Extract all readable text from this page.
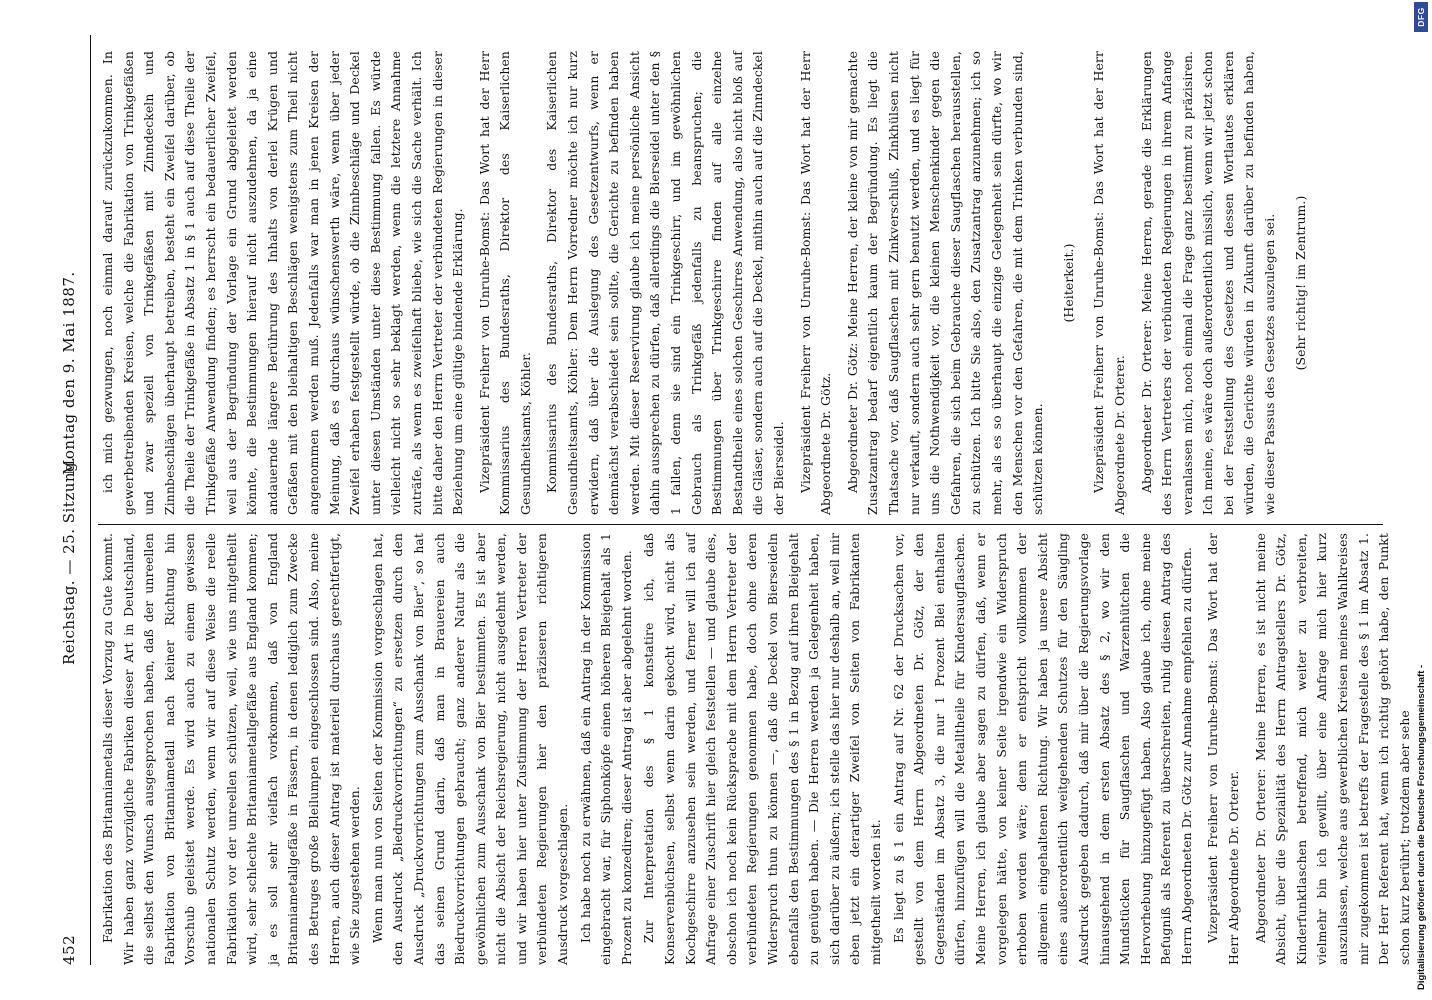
452
Reichstag. — 25. Sitzung.
Montag den 9. Mai 1887.

Fabrikation des Britanniametalls dieser Vorzug zu Gute kommt. Wir haben ganz vorzügliche Fabriken dieser Art in Deutschland, die selbst den Wunsch ausgesprochen haben, daß der unreellen Fabrikation von Britanniametall nach keiner Richtung hin Vorschub geleistet werde. Es wird auch zu einem gewissen nationalen Schutz werden, wenn wir auf diese Weise die reelle Fabrikation vor der unreellen schützen, weil, wie uns mitgetheilt wird, sehr schlechte Britanniametallgefäße aus England kommen; ja es soll sehr vielfach vorkommen, daß von England Britanniametallgefäße in Fässern, in denen lediglich zum Zwecke des Betruges große Bleilumpen eingeschlossen sind. Also, meine Herren, auch dieser Antrag ist materiell durchaus gerechtfertigt, wie Sie zugestehen werden. Wenn man nun von Seiten der Kommission vorgeschlagen hat, den Ausdruck „Biedruckvorrichtungen“ zu ersetzen durch den Ausdruck „Druckvorrichtungen zum Ausschank von Bier“, so hat das seinen Grund darin, daß man in Brauereien auch Biedruckvorrichtungen gebraucht; ganz anderer Natur als die gewöhnlichen zum Ausschank von Bier bestimmten. Es ist aber nicht die Absicht der Reichsregierung, nicht ausgedehnt werden, und wir haben hier unter Zustimmung der Herren Vertreter der verbündeten Regierungen hier den präziseren richtigeren Ausdruck vorgeschlagen. Ich habe noch zu erwähnen, daß ein Antrag in der Kommission eingebracht war, für Siphonköpfe einen höheren Bleigehalt als 1 Prozent zu konzediren; dieser Antrag ist aber abgelehnt worden. Zur Interpretation des § 1 konstatire ich, daß Konservenbüchsen, selbst wenn darin gekocht wird, nicht als Kochgeschirre anzusehen sein werden, und ferner will ich auf Anfrage einer Zuschrift hier gleich feststellen — und glaube dies, obschon ich noch kein Rücksprache mit dem Herrn Vertreter der verbündeten Regierungen genommen habe, doch ohne deren Widerspruch thun zu können —, daß die Deckel von Bierseideln ebenfalls den Bestimmungen des § 1 in Bezug auf ihren Bleigehalt zu genügen haben. — Die Herren werden ja Gelegenheit haben, sich darüber zu äußern; ich stelle das hier nur deshalb an, weil mir eben jetzt ein derartiger Zweifel von Seiten von Fabrikanten mitgetheilt worden ist. Es liegt zu § 1 ein Antrag auf Nr. 62 der Drucksachen vor, gestellt von dem Herrn Abgeordneten Dr. Götz, der den Gegenständen im Absatz 3, die nur 1 Prozent Blei enthalten dürfen, hinzufügen will die Metalltheile für Kindersaugflaschen. Meine Herren, ich glaube aber sagen zu dürfen, daß, wenn er vorgelegen hätte, von keiner Seite irgendwie ein Widerspruch erhoben worden wäre; denn er entspricht vollkommen der allgemein eingehaltenen Richtung. Wir haben ja unsere Absicht eines außerordentlich weitgehenden Schutzes für den Säugling Ausdruck gegeben dadurch, daß mir über die Regierungsvorlage hinausgehend in dem ersten Absatz des § 2, wo wir den Mundstücken für Saugflaschen und Warzenhütchen die Hervorhebung hinzugefügt haben. Also glaube ich, ohne meine Befugniß als Referent zu überschreiten, ruhig diesen Antrag des Herrn Abgeordneten Dr. Götz zur Annahme empfehlen zu dürfen. Vizepräsident Freiherr von Unruhe-Bomst: Das Wort hat der Herr Abgeordnete Dr. Orterer. Abgeordneter Dr. Orterer: Meine Herren, es ist nicht meine Absicht, über die Spezialität des Herrn Antragstellers Dr. Götz, Kinderfunktlaschen betreffend, mich weiter zu verbreiten, vielmehr bin ich gewillt, über eine Anfrage mich hier kurz auszulassen, welche aus gewerblichen Kreisen meines Wahlkreises mir zugekommen ist betreffs der Fragestelle des § 1 im Absatz 1. Der Herr Referent hat, wenn ich richtig gehört habe, den Punkt schon kurz berührt; trotzdem aber sehe

ich mich gezwungen, noch einmal darauf zurückzukommen. In gewerbetreibenden Kreisen, welche die Fabrikation von Trinkgefäßen und zwar speziell von Trinkgefäßen mit Zinndeckeln und Zinnbeschlägen überhaupt betreiben, besteht ein Zweifel darüber, ob die Theile der Trinkgefäße in Absatz 1 in § 1 auch auf diese Theile der Trinkgefäße Anwendung finden; es herrscht ein bedauerlicher Zweifel, weil aus der Begründung der Vorlage ein Grund abgeleitet werden könnte, die Bestimmungen hierauf nicht auszudehnen, da ja eine andauernde längere Berührung des Inhalts von derlei Krügen und Gefäßen mit den bleihaltigen Beschlägen wenigstens zum Theil nicht angenommen werden muß. Jedenfalls war man in jenen Kreisen der Meinung, daß es durchaus wünschenswerth wäre, wenn über jeder Zweifel erhaben festgestellt würde, ob die Zinnbeschläge und Deckel unter diesen Umständen unter diese Bestimmung fallen. Es würde vielleicht nicht so sehr beklagt werden, wenn die letztere Annahme zuträfe, als wenn es zweifelhaft bliebe, wie sich die Sache verhält. Ich bitte daher den Herrn Vertreter der verbündeten Regierungen in dieser Beziehung um eine gültige bindende Erklärung. Vizepräsident Freiherr von Unruhe-Bomst: Das Wort hat der Herr Kommissarius des Bundesraths, Direktor des Kaiserlichen Gesundheitsamts, Köhler. Kommissarius des Bundesraths, Direktor des Kaiserlichen Gesundheitsamts, Köhler: Dem Herrn Vorredner möchte ich nur kurz erwidern, daß über die Auslegung des Gesetzentwurfs, wenn er demnächst verabschiedet sein sollte, die Gerichte zu befinden haben werden. Mit dieser Reservirung glaube ich meine persönliche Ansicht dahin aussprechen zu dürfen, daß allerdings die Bierseidel unter den § 1 fallen, denn sie sind ein Trinkgeschirr, und im gewöhnlichen Gebrauch als Trinkgefäß jedenfalls zu beanspruchen; die Bestimmungen über Trinkgeschirre finden auf alle einzelne Bestandtheile eines solchen Geschirres Anwendung, also nicht bloß auf die Gläser, sondern auch auf die Deckel, mithin auch auf die Zinndeckel der Bierseidel. Vizepräsident Freiherr von Unruhe-Bomst: Das Wort hat der Herr Abgeordnete Dr. Götz. Abgeordneter Dr. Götz: Meine Herren, der kleine von mir gemachte Zusatzantrag bedarf eigentlich kaum der Begründung. Es liegt die Thatsache vor, daß Saugflaschen mit Zinkverschluß, Zinkhülsen nicht nur verkauft, sondern auch sehr gern benutzt werden, und es liegt für uns die Nothwendigkeit vor, die kleinen Menschenkinder gegen die Gefahren, die sich beim Gebrauche dieser Saugflaschen herausstellen, zu schützen. Ich bitte Sie also, den Zusatzantrag anzunehmen; ich so mehr, als es so überhaupt die einzige Gelegenheit sein dürfte, wo wir den Menschen vor den Gefahren, die mit dem Trinken verbunden sind, schützen können.

(Heiterkeit.) Vizepräsident Freiherr von Unruhe-Bomst: Das Wort hat der Herr Abgeordnete Dr. Orterer. Abgeordneter Dr. Orterer: Meine Herren, gerade die Erklärungen des Herrn Vertreters der verbündeten Regierungen in ihrem Anfange veranlassen mich, noch einmal die Frage ganz bestimmt zu präzisiren. Ich meine, es wäre doch außerordentlich misslich, wenn wir jetzt schon bei der Feststellung des Gesetzes und dessen Wortlautes erklären würden, die Gerichte würden in Zukunft darüber zu befinden haben, wie dieser Passus des Gesetzes auszulegen sei. (Sehr richtig! im Zentrum.)

Digitalisierung gefördert durch die Deutsche Forschungsgemeinschaft -
DFG
